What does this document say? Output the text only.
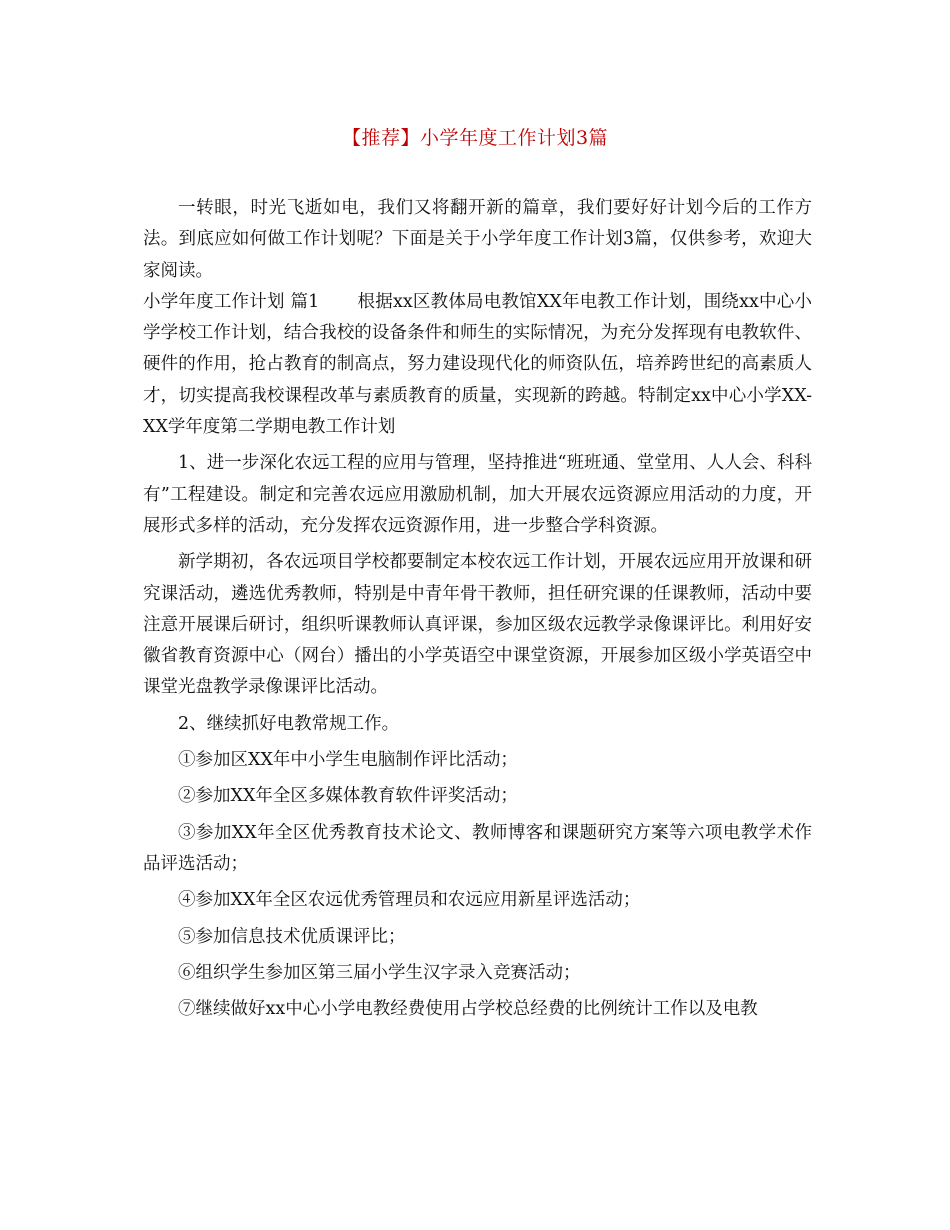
【推荐】小学年度工作计划3篇

一转眼，时光飞逝如电，我们又将翻开新的篇章，我们要好好计划今后的工作方法。到底应如何做工作计划呢？下面是关于小学年度工作计划3篇，仅供参考，欢迎大家阅读。

小学年度工作计划 篇1 根据xx区教体局电教馆XX年电教工作计划，围绕xx中心小学学校工作计划，结合我校的设备条件和师生的实际情况，为充分发挥现有电教软件、硬件的作用，抢占教育的制高点，努力建设现代化的师资队伍，培养跨世纪的高素质人才，切实提高我校课程改革与素质教育的质量，实现新的跨越。特制定xx中心小学XX-XX学年度第二学期电教工作计划

1、进一步深化农远工程的应用与管理，坚持推进“班班通、堂堂用、人人会、科科有”工程建设。制定和完善农远应用激励机制，加大开展农远资源应用活动的力度，开展形式多样的活动，充分发挥农远资源作用，进一步整合学科资源。

新学期初，各农远项目学校都要制定本校农远工作计划，开展农远应用开放课和研究课活动，遴选优秀教师，特别是中青年骨干教师，担任研究课的任课教师，活动中要注意开展课后研讨，组织听课教师认真评课，参加区级农远教学录像课评比。利用好安徽省教育资源中心（网台）播出的小学英语空中课堂资源，开展参加区级小学英语空中课堂光盘教学录像课评比活动。

2、继续抓好电教常规工作。

①参加区XX年中小学生电脑制作评比活动；

②参加XX年全区多媒体教育软件评奖活动；

③参加XX年全区优秀教育技术论文、教师博客和课题研究方案等六项电教学术作品评选活动；

④参加XX年全区农远优秀管理员和农远应用新星评选活动；

⑤参加信息技术优质课评比；

⑥组织学生参加区第三届小学生汉字录入竞赛活动；

⑦继续做好xx中心小学电教经费使用占学校总经费的比例统计工作以及电教
